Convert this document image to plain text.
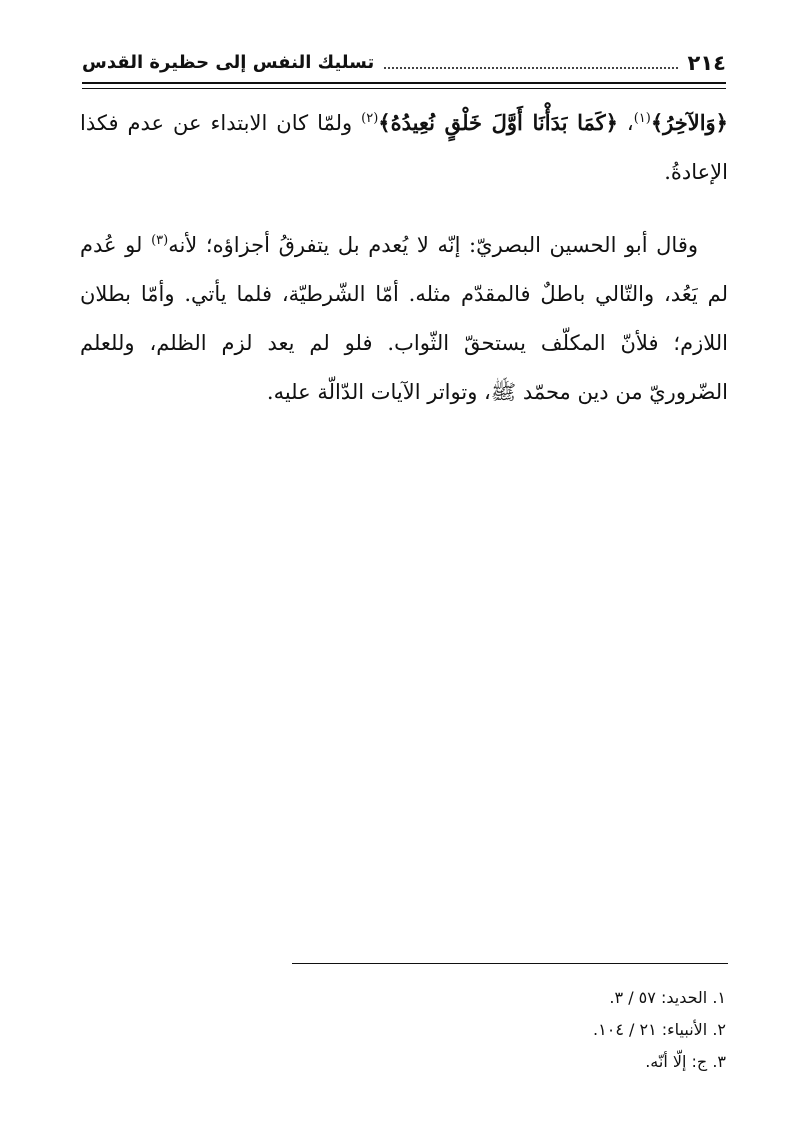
٢١٤
تسليك النفس إلى حظيرة القدس

﴿وَالآخِرُ﴾$^{(١)}$، ﴿كَمَا بَدَأْنَا أَوَّلَ خَلْقٍ نُعِيدُهُ﴾$^{(٢)}$ ولمّا كان الابتداء عن عدم فكذا الإعادةُ.

وقال أبو الحسين البصريّ: إنّه لا يُعدم بل يتفرقُ أجزاؤه؛ لأنه$^{(٣)}$ لو عُدم لم يَعُد، والتّالي باطلٌ فالمقدّم مثله. أمّا الشّرطيّة، فلما يأتي. وأمّا بطلان اللازم؛ فلأنّ المكلّف يستحقّ الثّواب. فلو لم يعد لزم الظلم، وللعلم الضّروريّ من دين محمّد ﷺ، وتواتر الآيات الدّالّة عليه.

١. الحديد: ٥٧ / ٣.

٢. الأنبياء: ٢١ / ١٠٤.

٣. ج: إلّا أنّه.
